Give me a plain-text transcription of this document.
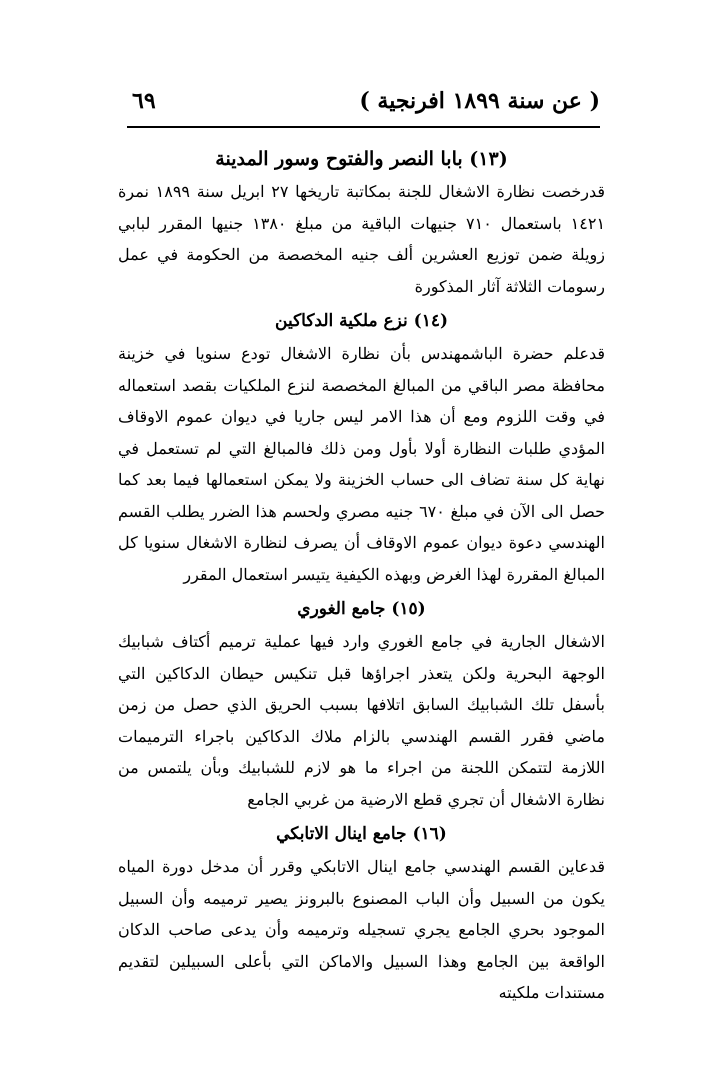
( عن سنة ١٨٩٩ افرنجية )
٦٩
(١٣) بابا النصر والفتوح وسور المدينة
قدرخصت نظارة الاشغال للجنة بمكاتبة تاريخها ٢٧ ابريل سنة ١٨٩٩ نمرة ١٤٢١ باستعمال ٧١٠ جنيهات الباقية من مبلغ ١٣٨٠ جنيها المقرر لبابي زويلة ضمن توزيع العشرين ألف جنيه المخصصة من الحكومة في عمل رسومات الثلاثة آثار المذكورة
(١٤) نزع ملكية الدكاكين
قدعلم حضرة الباشمهندس بأن نظارة الاشغال تودع سنويا في خزينة محافظة مصر الباقي من المبالغ المخصصة لنزع الملكيات بقصد استعماله في وقت اللزوم ومع أن هذا الامر ليس جاريا في ديوان عموم الاوقاف المؤدي طلبات النظارة أولا بأول ومن ذلك فالمبالغ التي لم تستعمل في نهاية كل سنة تضاف الى حساب الخزينة ولا يمكن استعمالها فيما بعد كما حصل الى الآن في مبلغ ٦٧٠ جنيه مصري ولحسم هذا الضرر يطلب القسم الهندسي دعوة ديوان عموم الاوقاف أن يصرف لنظارة الاشغال سنويا كل المبالغ المقررة لهذا الغرض وبهذه الكيفية يتيسر استعمال المقرر
(١٥) جامع الغوري
الاشغال الجارية في جامع الغوري وارد فيها عملية ترميم أكتاف شبابيك الوجهة البحرية ولكن يتعذر اجراؤها قبل تنكيس حيطان الدكاكين التي بأسفل تلك الشبابيك السابق اتلافها بسبب الحريق الذي حصل من زمن ماضي فقرر القسم الهندسي بالزام ملاك الدكاكين باجراء الترميمات اللازمة لتتمكن اللجنة من اجراء ما هو لازم للشبابيك وبأن يلتمس من نظارة الاشغال أن تجري قطع الارضية من غربي الجامع
(١٦) جامع اينال الاتابكي
قدعاين القسم الهندسي جامع اينال الاتابكي وقرر أن مدخل دورة المياه يكون من السبيل وأن الباب المصنوع بالبرونز يصير ترميمه وأن السبيل الموجود بحري الجامع يجري تسجيله وترميمه وأن يدعى صاحب الدكان الواقعة بين الجامع وهذا السبيل والاماكن التي بأعلى السبيلين لتقديم مستندات ملكيته
